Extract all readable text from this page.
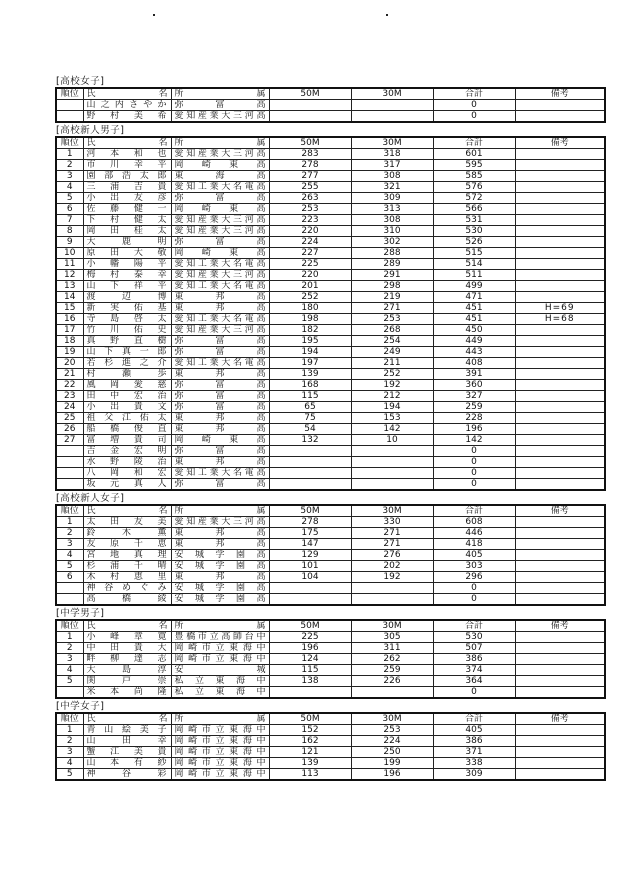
[高校女子]
順位	氏 名	所 属	50M	30M	合計	備考
	山之内さやか	弥富高			0	
	野村美希	愛知産業大三河高			0	
[高校新人男子]
順位	氏 名	所 属	50M	30M	合計	備考
1	河本和也	愛知産業大三河高	283	318	601	
2	市川幸平	岡崎東高	278	317	595	
3	園部浩太郎	東海高	277	308	585	
4	三浦吉貴	愛知工業大名電高	255	321	576	
5	小出友彦	弥富高	263	309	572	
6	佐藤健一	岡崎東高	253	313	566	
7	下村健太	愛知産業大三河高	223	308	531	
8	岡田桂太	愛知産業大三河高	220	310	530	
9	大鹿明	弥富高	224	302	526	
10	原田大敬	岡崎東高	227	288	515	
11	小幡陽平	愛知工業大名電高	225	289	514	
12	梅村泰幸	愛知産業大三河高	220	291	511	
13	山下祥平	愛知工業大名電高	201	298	499	
14	渡辺博	東邦高	252	219	471	
15	新実佑基	東邦高	180	271	451	H=69
16	寺島啓太	愛知工業大名電高	198	253	451	H=68
17	竹川佑史	愛知産業大三河高	182	268	450	
18	真野直樹	弥富高	195	254	449	
19	山下真一郎	弥富高	194	249	443	
20	若杉進之介	愛知工業大名電高	197	211	408	
21	村瀬歩	東邦高	139	252	391	
22	風岡愛慈	弥富高	168	192	360	
23	田中宏治	弥富高	115	212	327	
24	小出貴文	弥富高	65	194	259	
25	祖父江佑太	東邦高	75	153	228	
26	船橋俊直	東邦高	54	142	196	
27	富増貴司	岡崎東高	132	10	142	
	吉金宏明	弥富高			0	
	水野陵治	東邦高			0	
	八岡和宏	愛知工業大名電高			0	
	坂元真人	弥富高			0	
[高校新人女子]
順位	氏 名	所 属	50M	30M	合計	備考
1	太田友美	愛知産業大三河高	278	330	608	
2	鈴木薫	東邦高	175	271	446	
3	友原千恵	東邦高	147	271	418	
4	宮地真理	安城学園高	129	276	405	
5	杉浦千晴	安城学園高	101	202	303	
6	木村恵里	東邦高	104	192	296	
	神谷めぐみ	安城学園高			0	
	高橋綾	安城学園高			0	
[中学男子]
順位	氏 名	所 属	50M	30M	合計	備考
1	小峰章寛	豊橋市立高師台中	225	305	530	
2	中田貴大	岡崎市立東海中	196	311	507	
3	畔柳達志	岡崎市立東海中	124	262	386	
4	大島淳	安城	115	259	374	
5	関戸崇	私立東海中	138	226	364	
	米本尚隆	私立東海中			0	
[中学女子]
順位	氏 名	所 属	50M	30M	合計	備考
1	青山絵美子	岡崎市立東海中	152	253	405	
2	山田幸	岡崎市立東海中	162	224	386	
3	蟹江美貴	岡崎市立東海中	121	250	371	
4	山本有紗	岡崎市立東海中	139	199	338	
5	神谷彩	岡崎市立東海中	113	196	309	
